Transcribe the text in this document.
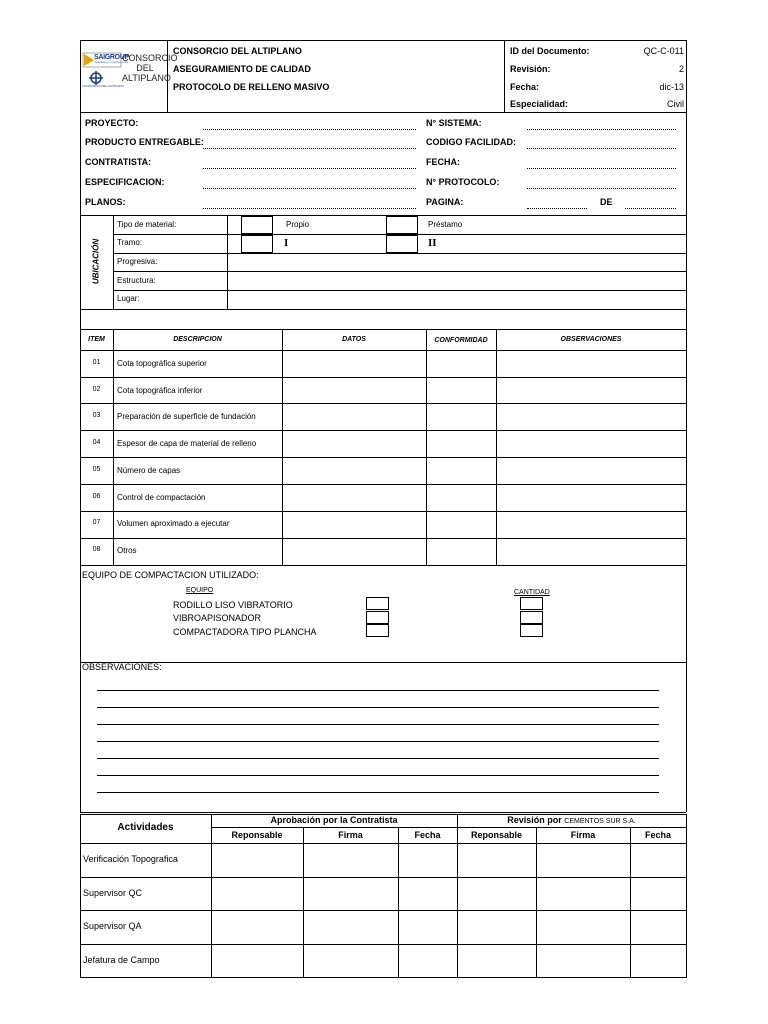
SAIGROUP
INGENIEROS & CONSTRUCTORES
CONSORCIO DEL ALTIPLANO
CONSORCIO
DEL
ALTIPLANO
CONSORCIO DEL ALTIPLANO
ASEGURAMIENTO DE CALIDAD
PROTOCOLO DE RELLENO MASIVO
ID del Documento:	QC-C-011
Revisión:	2
Fecha:	dic-13
Especialidad:	Civil
PROYECTO:
PRODUCTO ENTREGABLE:
CONTRATISTA:
ESPECIFICACION:
PLANOS:
N° SISTEMA:
CODIGO FACILIDAD:
FECHA:
N° PROTOCOLO:
PAGINA:	DE
UBICACIÓN
Tipo de material:
Tramo:
Progresiva:
Estructura:
Lugar:
Propio	Préstamo
I	II
ITEM	DESCRIPCION	DATOS	CONFORMIDAD	OBSERVACIONES
01	Cota topográfica superior
02	Cota topográfica inferior
03	Preparación de superficie de fundación
04	Espesor de capa de material de relleno
05	Número de capas
06	Control de compactación
07	Volumen aproximado a ejecutar
08	Otros
EQUIPO DE COMPACTACION UTILIZADO:
EQUIPO	CANTIDAD
RODILLO LISO VIBRATORIO
VIBROAPISONADOR
COMPACTADORA TIPO PLANCHA
OBSERVACIONES:
Actividades
Aprobación por la Contratista	Revisión por CEMENTOS SUR S.A.
Reponsable	Firma	Fecha	Reponsable	Firma	Fecha
Verificación Topografica
Supervisor QC
Supervisor QA
Jefatura de Campo
